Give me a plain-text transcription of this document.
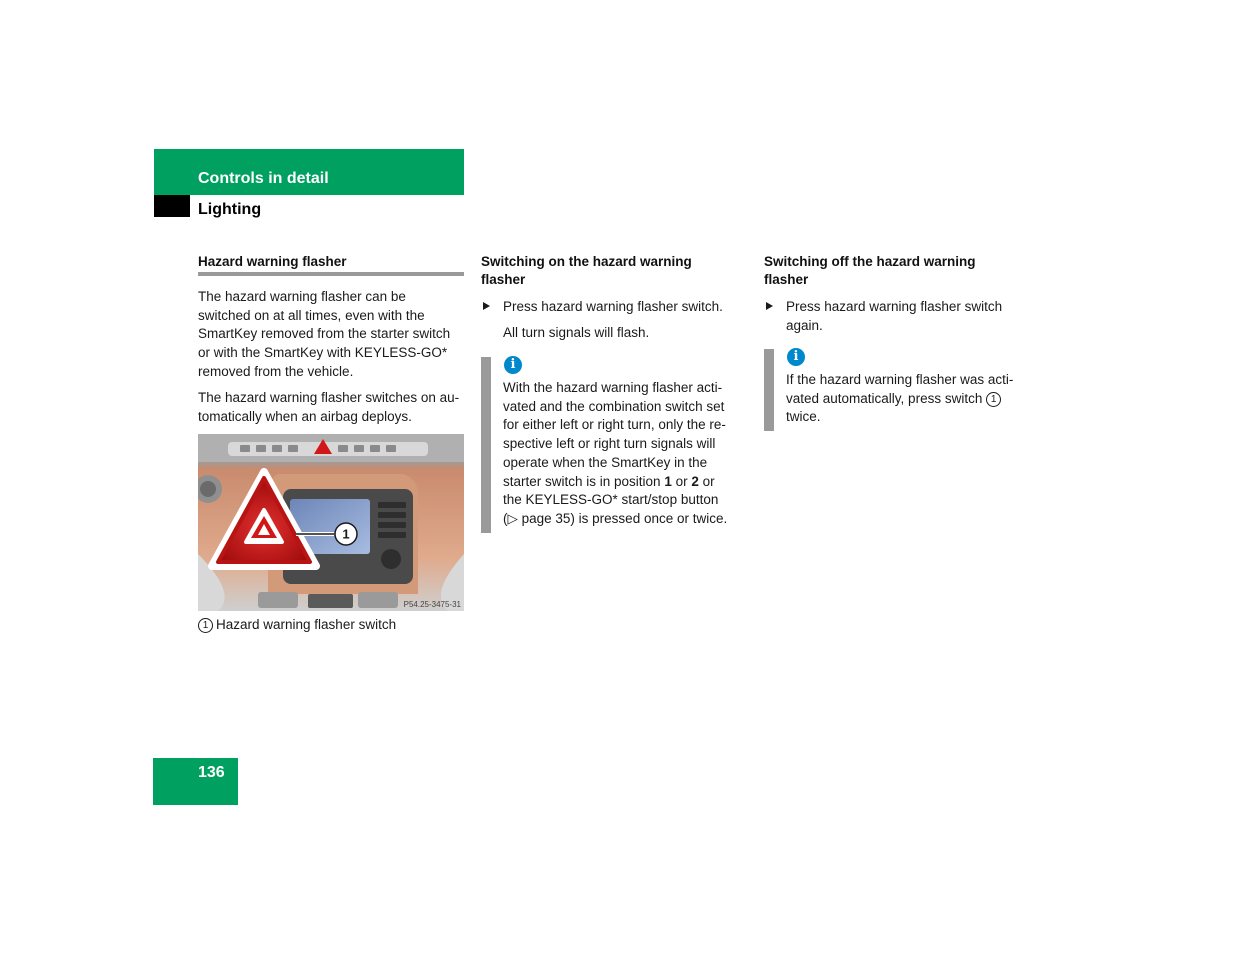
Controls in detail
Lighting
Hazard warning flasher
The hazard warning flasher can be
switched on at all times, even with the
SmartKey removed from the starter switch
or with the SmartKey with KEYLESS-GO*
removed from the vehicle.
The hazard warning flasher switches on au-
tomatically when an airbag deploys.
1
P54.25-3475-31
1 Hazard warning flasher switch
Switching on the hazard warning
flasher
Press hazard warning flasher switch.
All turn signals will flash.
i
With the hazard warning flasher acti-
vated and the combination switch set
for either left or right turn, only the re-
spective left or right turn signals will
operate when the SmartKey in the
starter switch is in position 1 or 2 or
the KEYLESS-GO* start/stop button
(▷ page 35) is pressed once or twice.
Switching off the hazard warning
flasher
Press hazard warning flasher switch
again.
i
If the hazard warning flasher was acti-
vated automatically, press switch 1
twice.
136
